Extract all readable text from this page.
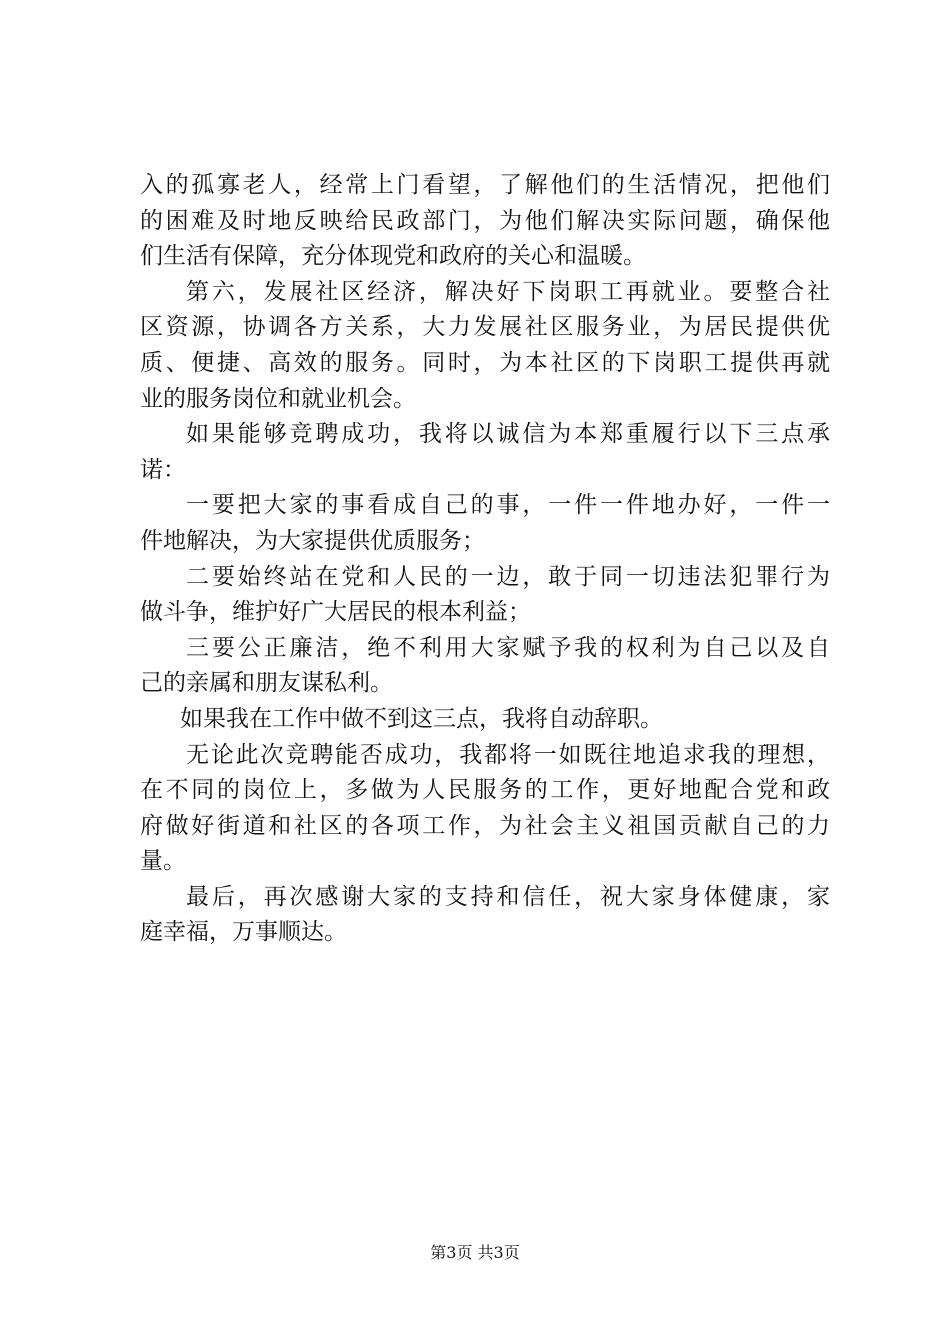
入的孤寡老人，经常上门看望，了解他们的生活情况，把他们
的困难及时地反映给民政部门，为他们解决实际问题，确保他
们生活有保障，充分体现党和政府的关心和温暖。
第六，发展社区经济，解决好下岗职工再就业。要整合社
区资源，协调各方关系，大力发展社区服务业，为居民提供优
质、便捷、高效的服务。同时，为本社区的下岗职工提供再就
业的服务岗位和就业机会。
如果能够竞聘成功，我将以诚信为本郑重履行以下三点承
诺：
一要把大家的事看成自己的事，一件一件地办好，一件一
件地解决，为大家提供优质服务；
二要始终站在党和人民的一边，敢于同一切违法犯罪行为
做斗争，维护好广大居民的根本利益；
三要公正廉洁，绝不利用大家赋予我的权利为自己以及自
己的亲属和朋友谋私利。
如果我在工作中做不到这三点，我将自动辞职。
无论此次竞聘能否成功，我都将一如既往地追求我的理想，
在不同的岗位上，多做为人民服务的工作，更好地配合党和政
府做好街道和社区的各项工作，为社会主义祖国贡献自己的力
量。
最后，再次感谢大家的支持和信任，祝大家身体健康，家
庭幸福，万事顺达。
第3页 共3页
